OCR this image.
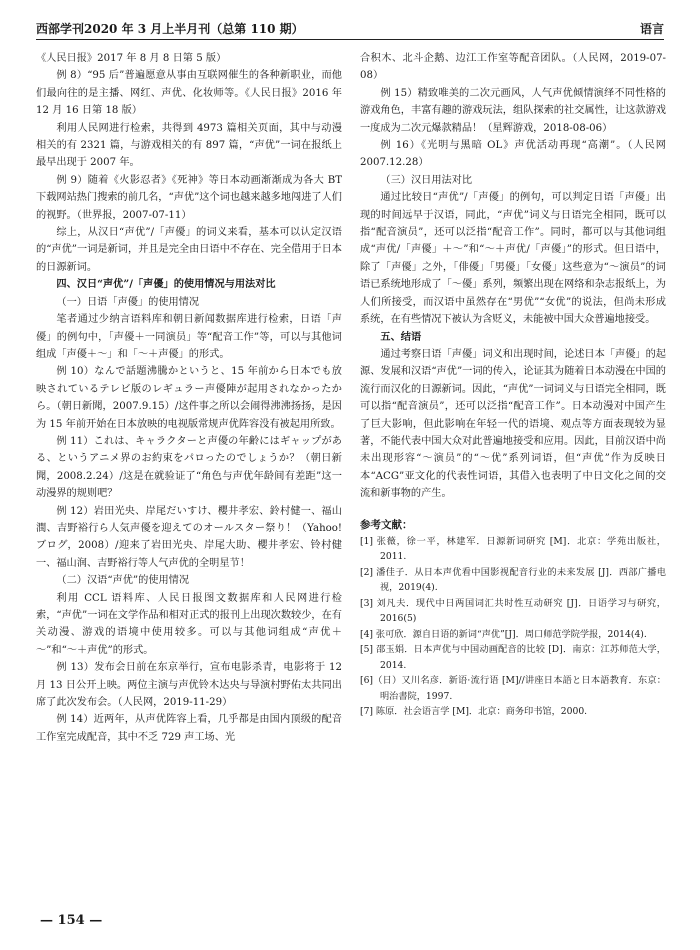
西部学刊2020 年 3 月上半月刊（总第 110 期）	语言

《人民日报》2017 年 8 月 8 日第 5 版）

例 8）“95 后”普遍愿意从事由互联网催生的各种新职业，而他们最向往的是主播、网红、声优、化妆师等。《人民日报》2016 年 12 月 16 日第 18 版）

利用人民网进行检索，共得到 4973 篇相关页面，其中与动漫相关的有 2321 篇，与游戏相关的有 897 篇，“声优”一词在报纸上最早出现于 2007 年。

例 9）随着《火影忍者》《死神》等日本动画渐渐成为各大 BT 下载网站热门搜索的前几名，“声优”这个词也越来越多地闯进了人们的视野。（世界报，2007-07-11）

综上，从汉日“声优”/「声優」的词义来看，基本可以认定汉语的“声优”一词是新词，并且是完全由日语中不存在、完全借用于日本的日源新词。

四、汉日“声优”/「声優」的使用情况与用法对比

（一）日语「声優」的使用情况

笔者通过少纳言语料库和朝日新闻数据库进行检索，日语「声優」的例句中，「声優＋一同演员」等“配音工作”等，可以与其他词组成「声優＋～」和「～＋声優」的形式。

例 10）なんで話題沸騰かというと、15 年前から日本でも放映されているテレビ版のレギュラー声優陣が起用されなかったから。（朝日新聞，2007.9.15）/这件事之所以会闹得沸沸扬扬，是因为 15 年前开始在日本放映的电视版常规声优阵容没有被起用所致。

例 11）これは、キャラクターと声優の年齢にはギャップがある、というアニメ界のお約束をパロったのでしょうか？（朝日新聞，2008.2.24）/这是在就验证了“角色与声优年龄间有差距”这一动漫界的规则吧？

例 12）岩田光央、岸尾だいすけ、櫻井孝宏、鈴村健一、福山潤、吉野裕行ら人気声優を迎えてのオールスター祭り！（Yahoo!ブログ，2008）/迎来了岩田光央、岸尾大助、櫻井孝宏、铃村健一、福山润、吉野裕行等人气声优的全明星节！

（二）汉语“声优”的使用情况

利用 CCL 语料库、人民日报图文数据库和人民网进行检索，“声优”一词在文学作品和相对正式的报刊上出现次数较少，在有关动漫、游戏的语境中使用较多。可以与其他词组成“声优＋～”和“～＋声优”的形式。

例 13）发布会日前在东京举行，宣布电影杀青，电影将于 12 月 13 日公开上映。两位主演与声优铃木达央与导演村野佑太共同出席了此次发布会。（人民网，2019-11-29）

例 14）近两年，从声优阵容上看，几乎都是由国内顶级的配音工作室完成配音，其中不乏 729 声工场、光

合积木、北斗企鹅、边江工作室等配音团队。（人民网，2019-07-08）

例 15）精致唯美的二次元画风，人气声优倾情演绎不同性格的游戏角色，丰富有趣的游戏玩法，组队探索的社交属性，让这款游戏一度成为二次元爆款精品！（星辉游戏，2018-08-06）

例 16）《光明与黑暗 OL》声优活动再现“高潮”。（人民网 2007.12.28）

（三）汉日用法对比

通过比较日“声优”/「声優」的例句，可以判定日语「声優」出现的时间远早于汉语，同此，“声优”词义与日语完全相同，既可以指“配音演员”，还可以泛指“配音工作”。同时，都可以与其他词组成“声优/「声優」＋～”和“～＋声优/「声優」”的形式。但日语中，除了「声優」之外，「俳優」「男優」「女優」这些意为“～演员”的词语已系统地形成了「～優」系列，频繁出现在网络和杂志报纸上，为人们所接受，而汉语中虽然存在“男优”“女优”的说法，但尚未形成系统，在有些情况下被认为含贬义，未能被中国大众普遍地接受。

五、结语

通过考察日语「声優」词义和出现时间，论述日本「声優」的起源、发展和汉语“声优”一词的传入，论证其为随着日本动漫在中国的流行而汉化的日源新词。因此，“声优”一词词义与日语完全相同，既可以指“配音演员”，还可以泛指“配音工作”。日本动漫对中国产生了巨大影响，但此影响在年轻一代的语境、观点等方面表现较为显著，不能代表中国大众对此普遍地接受和应用。因此，目前汉语中尚未出现形容“～演员”的“～优”系列词语，但“声优”作为反映日本“ACG”亚文化的代表性词语，其借入也表明了中日文化之间的交流和新事物的产生。

参考文献：

[1] 张薇，徐一平，林建军．日源新词研究 [M]．北京：学苑出版社，2011.

[2] 潘佳子．从日本声优看中国影视配音行业的未来发展 [J]．西部广播电视，2019(4).

[3] 刘凡夫．现代中日两国词汇共时性互动研究 [J]．日语学习与研究，2016(5)

[4] 张可欣．源自日语的新词“声优”[J]．周口师范学院学报，2014(4).

[5] 邵玉娟．日本声优与中国动画配音的比较 [D]．南京：江苏师范大学，2014.

[6]（日）又川名彦．新语·流行语 [M]//讲座日本語と日本語教育．东京：明治書院，1997.

[7] 陈原．社会语言学 [M]．北京：商务印书馆，2000.

— 154 —
